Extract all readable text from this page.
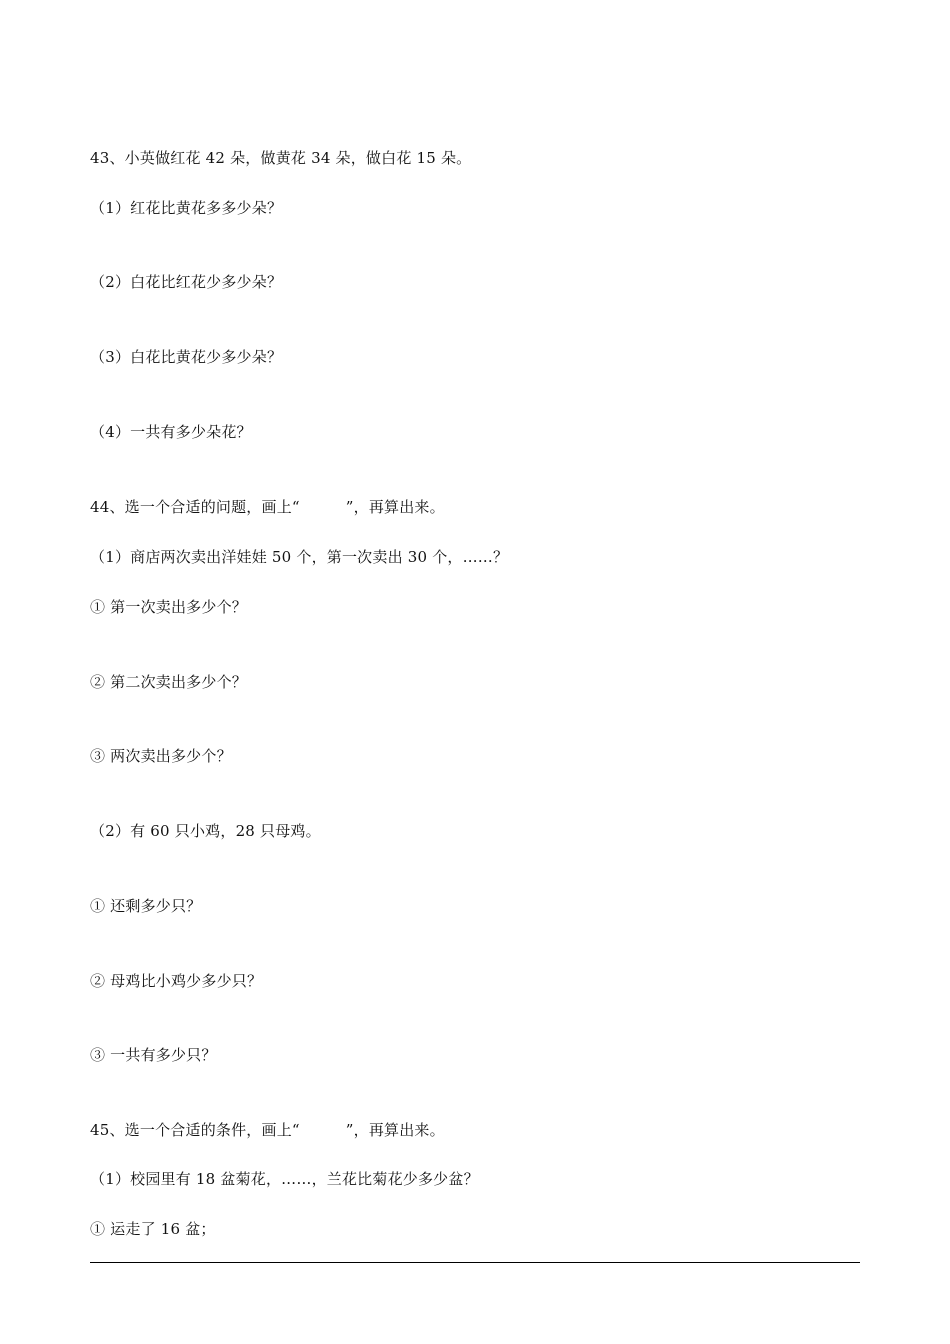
43、小英做红花 42 朵，做黄花 34 朵，做白花 15 朵。
（1）红花比黄花多多少朵？
（2）白花比红花少多少朵？
（3）白花比黄花少多少朵？
（4）一共有多少朵花？
44、选一个合适的问题，画上“	”，再算出来。
（1）商店两次卖出洋娃娃 50 个，第一次卖出 30 个，……？
① 第一次卖出多少个？
② 第二次卖出多少个？
③ 两次卖出多少个？
（2）有 60 只小鸡，28 只母鸡。
① 还剩多少只？
② 母鸡比小鸡少多少只？
③ 一共有多少只？
45、选一个合适的条件，画上“	”，再算出来。
（1）校园里有 18 盆菊花，……，兰花比菊花少多少盆？
① 运走了 16 盆；
